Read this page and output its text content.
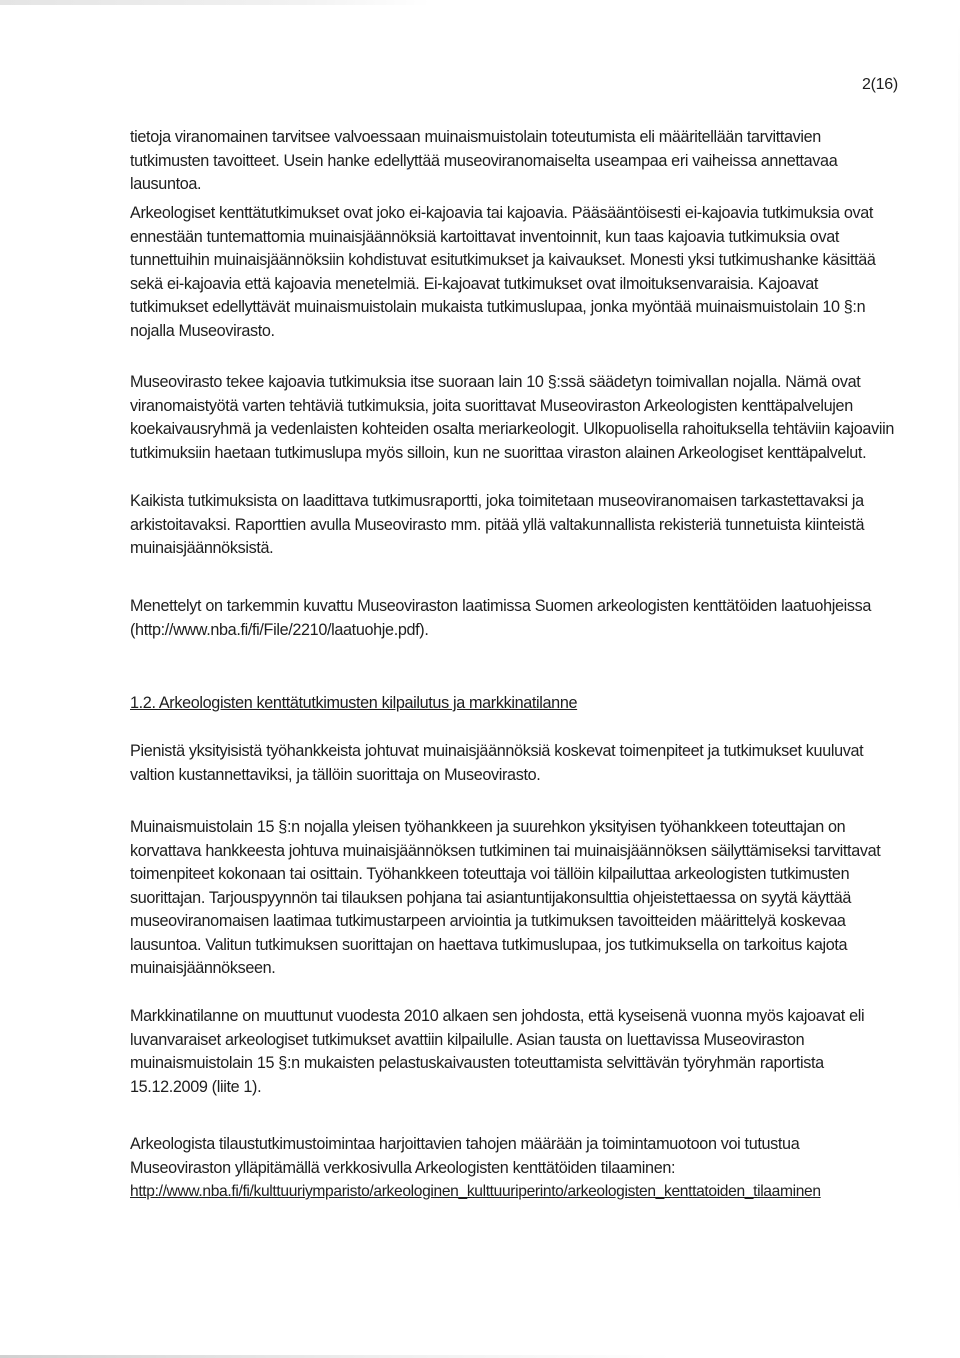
2(16)

tietoja viranomainen tarvitsee valvoessaan muinaismuistolain toteutumista eli määritellään tarvittavien tutkimusten tavoitteet. Usein hanke edellyttää museoviranomaiselta useampaa eri vaiheissa annettavaa lausuntoa.

Arkeologiset kenttätutkimukset ovat joko ei-kajoavia tai kajoavia. Pääsääntöisesti ei-kajoavia tutkimuksia ovat ennestään tuntemattomia muinaisjäännöksiä kartoittavat inventoinnit, kun taas kajoavia tutkimuksia ovat tunnettuihin muinaisjäännöksiin kohdistuvat esitutkimukset ja kaivaukset. Monesti yksi tutkimushanke käsittää sekä ei-kajoavia että kajoavia menetelmiä. Ei-kajoavat tutkimukset ovat ilmoituksenvaraisia. Kajoavat tutkimukset edellyttävät muinaismuistolain mukaista tutkimuslupaa, jonka myöntää muinaismuistolain 10 §:n nojalla Museovirasto.

Museovirasto tekee kajoavia tutkimuksia itse suoraan lain 10 §:ssä säädetyn toimivallan nojalla. Nämä ovat viranomaistyötä varten tehtäviä tutkimuksia, joita suorittavat Museoviraston Arkeologisten kenttäpalvelujen koekaivausryhmä ja vedenlaisten kohteiden osalta meriarkeologit. Ulkopuolisella rahoituksella tehtäviin kajoaviin tutkimuksiin haetaan tutkimuslupa myös silloin, kun ne suorittaa viraston alainen Arkeologiset kenttäpalvelut.

Kaikista tutkimuksista on laadittava tutkimusraportti, joka toimitetaan museoviranomaisen tarkastettavaksi ja arkistoitavaksi. Raporttien avulla Museovirasto mm. pitää yllä valtakunnallista rekisteriä tunnetuista kiinteistä muinaisjäännöksistä.

Menettelyt on tarkemmin kuvattu Museoviraston laatimissa Suomen arkeologisten kenttätöiden laatuohjeissa (http://www.nba.fi/fi/File/2210/laatuohje.pdf).

1.2. Arkeologisten kenttätutkimusten kilpailutus ja markkinatilanne

Pienistä yksityisistä työhankkeista johtuvat muinaisjäännöksiä koskevat toimenpiteet ja tutkimukset kuuluvat valtion kustannettaviksi, ja tällöin suorittaja on Museovirasto.

Muinaismuistolain 15 §:n nojalla yleisen työhankkeen ja suurehkon yksityisen työhankkeen toteuttajan on korvattava hankkeesta johtuva muinaisjäännöksen tutkiminen tai muinaisjäännöksen säilyttämiseksi tarvittavat toimenpiteet kokonaan tai osittain. Työhankkeen toteuttaja voi tällöin kilpailuttaa arkeologisten tutkimusten suorittajan. Tarjouspyynnön tai tilauksen pohjana tai asiantuntijakonsulttia ohjeistettaessa on syytä käyttää museoviranomaisen laatimaa tutkimustarpeen arviointia ja tutkimuksen tavoitteiden määrittelyä koskevaa lausuntoa. Valitun tutkimuksen suorittajan on haettava tutkimuslupaa, jos tutkimuksella on tarkoitus kajota muinaisjäännökseen.

Markkinatilanne on muuttunut vuodesta 2010 alkaen sen johdosta, että kyseisenä vuonna myös kajoavat eli luvanvaraiset arkeologiset tutkimukset avattiin kilpailulle. Asian tausta on luettavissa Museoviraston muinaismuistolain 15 §:n mukaisten pelastuskaivausten toteuttamista selvittävän työryhmän raportista 15.12.2009 (liite 1).

Arkeologista tilaustutkimustoimintaa harjoittavien tahojen määrään ja toimintamuotoon voi tutustua Museoviraston ylläpitämällä verkkosivulla Arkeologisten kenttätöiden tilaaminen:
http://www.nba.fi/fi/kulttuuriymparisto/arkeologinen_kulttuuriperinto/arkeologisten_kenttatoiden_tilaaminen
